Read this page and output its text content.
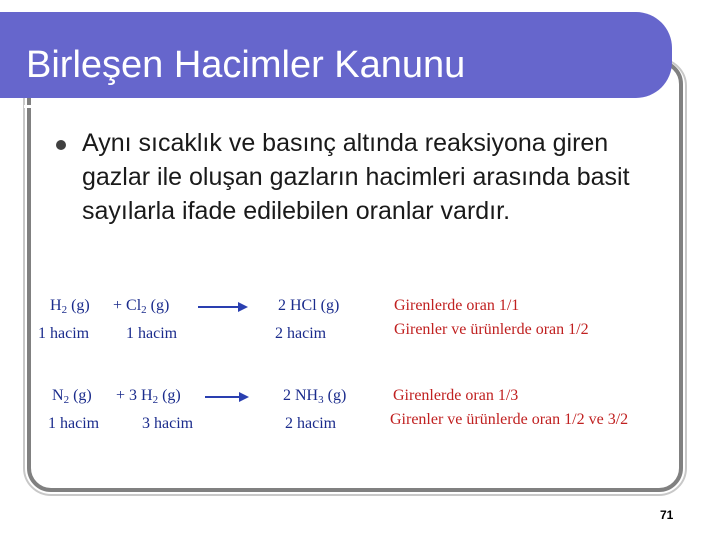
Birleşen Hacimler Kanunu
Aynı sıcaklık ve basınç altında reaksiyona giren gazlar ile oluşan gazların hacimleri arasında basit sayılarla ifade edilebilen oranlar vardır.
$H_2$ $(g) + Cl_2$ (g)	2 HCl (g)	Girenlerde oran 1/1
1 hacim 1 hacim	2 hacim	Girenler ve ürünlerde oran 1/2
$N_2$ (g) + 3 $H_2$ (g)	2 $NH_3$ (g)	Girenlerde oran 1/3
1 hacim	3 hacim	2 hacim	Girenler ve ürünlerde oran 1/2 ve 3/2
71
